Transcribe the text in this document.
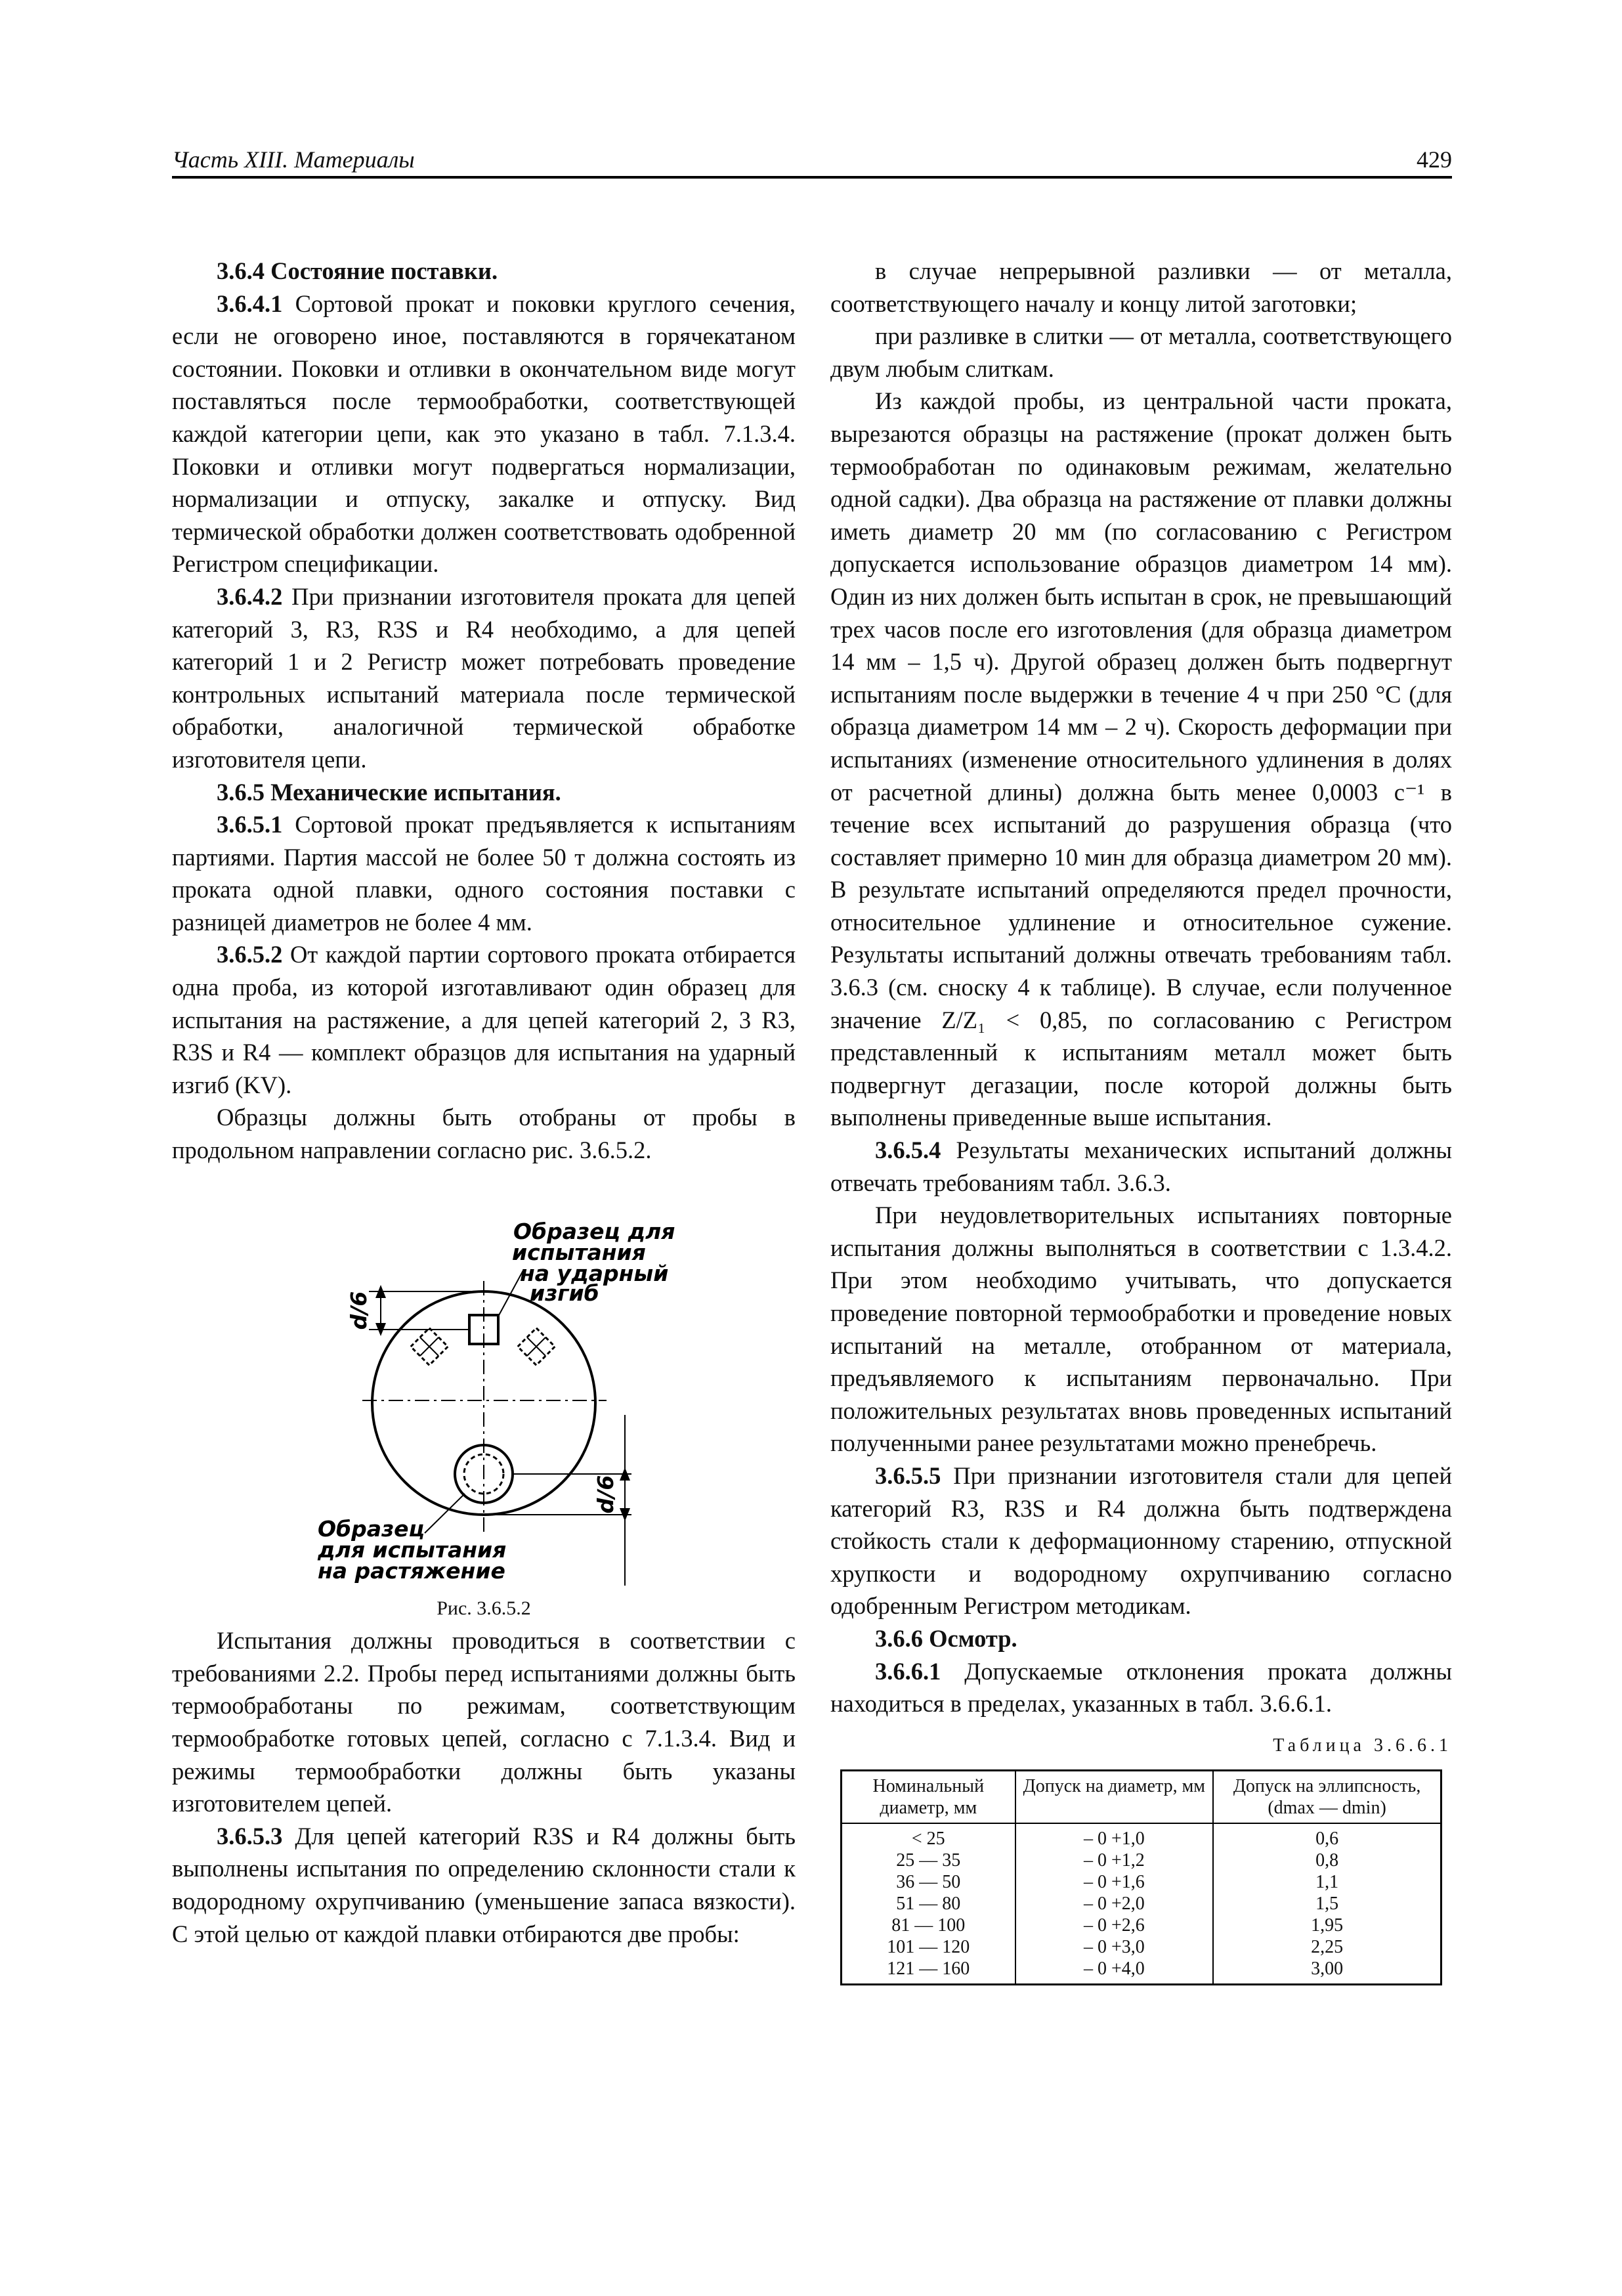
Часть XIII. Материалы	429

3.6.4 Состояние поставки.

3.6.4.1 Сортовой прокат и поковки круглого сечения, если не оговорено иное, поставляются в горячекатаном состоянии. Поковки и отливки в окончательном виде могут поставляться после термообработки, соответствующей каждой категории цепи, как это указано в табл. 7.1.3.4. Поковки и отливки могут подвергаться нормализации, нормализации и отпуску, закалке и отпуску. Вид термической обработки должен соответствовать одобренной Регистром спецификации.

3.6.4.2 При признании изготовителя проката для цепей категорий 3, R3, R3S и R4 необходимо, а для цепей категорий 1 и 2 Регистр может потребовать проведение контрольных испытаний материала после термической обработки, аналогичной термической обработке изготовителя цепи.

3.6.5 Механические испытания.

3.6.5.1 Сортовой прокат предъявляется к испытаниям партиями. Партия массой не более 50 т должна состоять из проката одной плавки, одного состояния поставки с разницей диаметров не более 4 мм.

3.6.5.2 От каждой партии сортового проката отбирается одна проба, из которой изготавливают один образец для испытания на растяжение, а для цепей категорий 2, 3 R3, R3S и R4 — комплект образцов для испытания на ударный изгиб (KV).

Образцы должны быть отобраны от пробы в продольном направлении согласно рис. 3.6.5.2.

d/6
d/6
Образец для
испытания
на ударный
изгиб
Образец
для испытания
на растяжение

Рис. 3.6.5.2

Испытания должны проводиться в соответствии с требованиями 2.2. Пробы перед испытаниями должны быть термообработаны по режимам, соответствующим термообработке готовых цепей, согласно с 7.1.3.4. Вид и режимы термообработки должны быть указаны изготовителем цепей.

3.6.5.3 Для цепей категорий R3S и R4 должны быть выполнены испытания по определению склонности стали к водородному охрупчиванию (уменьшение запаса вязкости). С этой целью от каждой плавки отбираются две пробы:

в случае непрерывной разливки — от металла, соответствующего началу и концу литой заготовки;

при разливке в слитки — от металла, соответствующего двум любым слиткам.

Из каждой пробы, из центральной части проката, вырезаются образцы на растяжение (прокат должен быть термообработан по одинаковым режимам, желательно одной садки). Два образца на растяжение от плавки должны иметь диаметр 20 мм (по согласованию с Регистром допускается использование образцов диаметром 14 мм). Один из них должен быть испытан в срок, не превышающий трех часов после его изготовления (для образца диаметром 14 мм – 1,5 ч). Другой образец должен быть подвергнут испытаниям после выдержки в течение 4 ч при 250 °C (для образца диаметром 14 мм – 2 ч). Скорость деформации при испытаниях (изменение относительного удлинения в долях от расчетной длины) должна быть менее 0,0003 с⁻¹ в течение всех испытаний до разрушения образца (что составляет примерно 10 мин для образца диаметром 20 мм). В результате испытаний определяются предел прочности, относительное удлинение и относительное сужение. Результаты испытаний должны отвечать требованиям табл. 3.6.3 (см. сноску 4 к таблице). В случае, если полученное значение Z/Z₁ < 0,85, по согласованию с Регистром представленный к испытаниям металл может быть подвергнут дегазации, после которой должны быть выполнены приведенные выше испытания.

3.6.5.4 Результаты механических испытаний должны отвечать требованиям табл. 3.6.3.

При неудовлетворительных испытаниях повторные испытания должны выполняться в соответствии с 1.3.4.2. При этом необходимо учитывать, что допускается проведение повторной термообработки и проведение новых испытаний на металле, отобранном от материала, предъявляемого к испытаниям первоначально. При положительных результатах вновь проведенных испытаний полученными ранее результатами можно пренебречь.

3.6.5.5 При признании изготовителя стали для цепей категорий R3, R3S и R4 должна быть подтверждена стойкость стали к деформационному старению, отпускной хрупкости и водородному охрупчиванию согласно одобренным Регистром методикам.

3.6.6 Осмотр.

3.6.6.1 Допускаемые отклонения проката должны находиться в пределах, указанных в табл. 3.6.6.1.

Таблица 3.6.6.1
Номинальный диаметр, мм	Допуск на диаметр, мм	Допуск на эллипсность, (dmax — dmin)
< 25	– 0 +1,0	0,6
25 — 35	– 0 +1,2	0,8
36 — 50	– 0 +1,6	1,1
51 — 80	– 0 +2,0	1,5
81 — 100	– 0 +2,6	1,95
101 — 120	– 0 +3,0	2,25
121 — 160	– 0 +4,0	3,00
